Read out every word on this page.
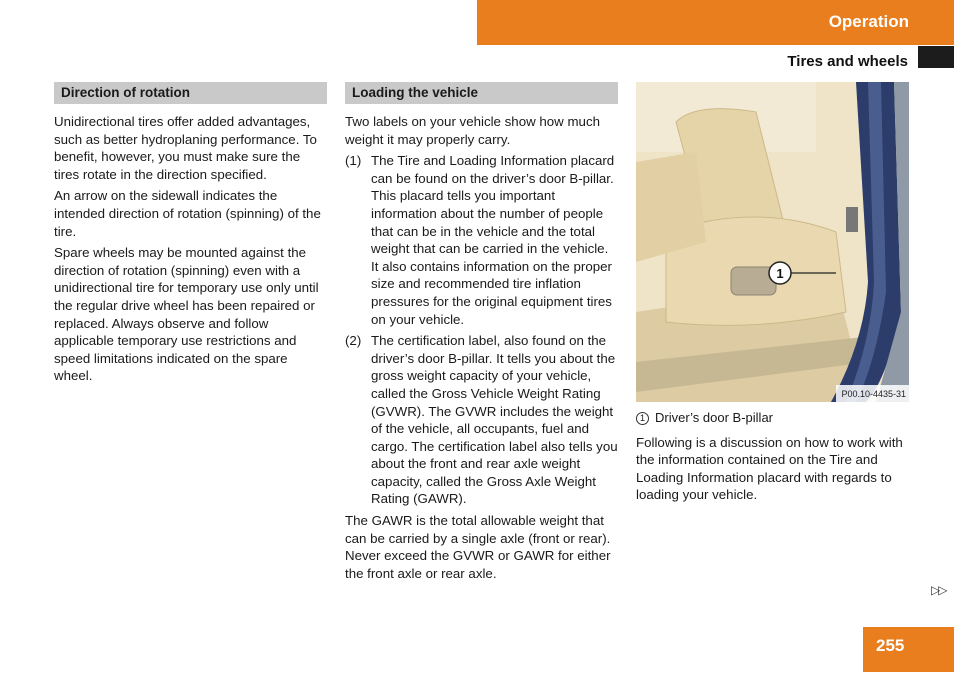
Operation
Tires and wheels
Direction of rotation

Unidirectional tires offer added advantages, such as better hydroplaning performance. To benefit, however, you must make sure the tires rotate in the direction specified.

An arrow on the sidewall indicates the intended direction of rotation (spinning) of the tire.

Spare wheels may be mounted against the direction of rotation (spinning) even with a unidirectional tire for temporary use only until the regular drive wheel has been repaired or replaced. Always observe and follow applicable temporary use restrictions and speed limitations indicated on the spare wheel.

Loading the vehicle

Two labels on your vehicle show how much weight it may properly carry.

(1) The Tire and Loading Information placard can be found on the driver’s door B-pillar. This placard tells you important information about the number of people that can be in the vehicle and the total weight that can be carried in the vehicle. It also contains information on the proper size and recommended tire inflation pressures for the original equipment tires on your vehicle.
(2) The certification label, also found on the driver’s door B-pillar. It tells you about the gross weight capacity of your vehicle, called the Gross Vehicle Weight Rating (GVWR). The GVWR includes the weight of the vehicle, all occupants, fuel and cargo. The certification label also tells you about the front and rear axle weight capacity, called the Gross Axle Weight Rating (GAWR).

The GAWR is the total allowable weight that can be carried by a single axle (front or rear). Never exceed the GVWR or GAWR for either the front axle or rear axle.

1
P00.10-4435-31
1 Driver’s door B-pillar

Following is a discussion on how to work with the information contained on the Tire and Loading Information placard with regards to loading your vehicle.

▷▷
255
